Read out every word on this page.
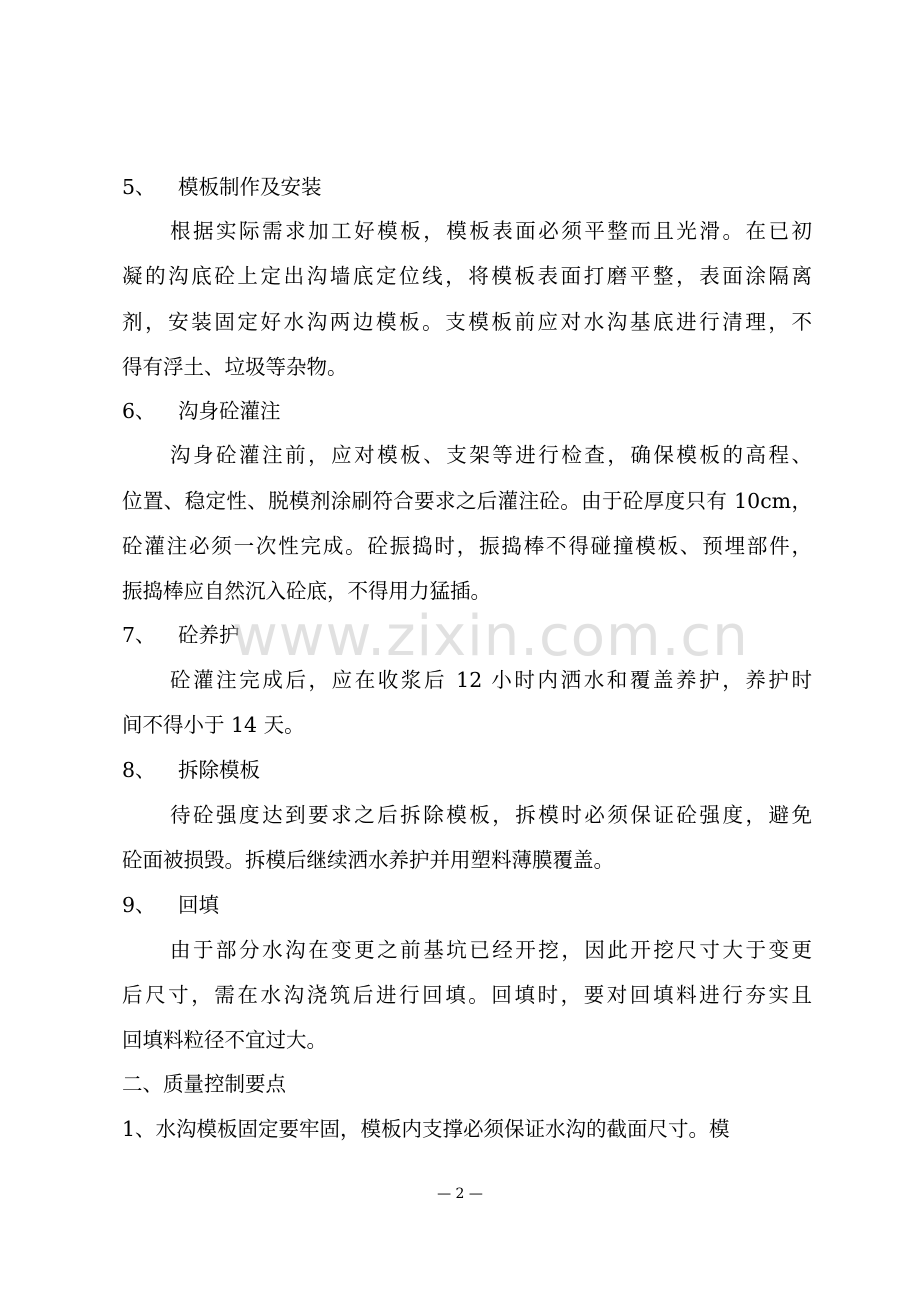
5、 模板制作及安装
根据实际需求加工好模板，模板表面必须平整而且光滑。在已初
凝的沟底砼上定出沟墙底定位线，将模板表面打磨平整，表面涂隔离
剂，安装固定好水沟两边模板。支模板前应对水沟基底进行清理，不
得有浮土、垃圾等杂物。
6、 沟身砼灌注
沟身砼灌注前，应对模板、支架等进行检查，确保模板的高程、
位置、稳定性、脱模剂涂刷符合要求之后灌注砼。由于砼厚度只有 10cm，
砼灌注必须一次性完成。砼振捣时，振捣棒不得碰撞模板、预埋部件，
振捣棒应自然沉入砼底，不得用力猛插。
7、 砼养护
砼灌注完成后，应在收浆后 12 小时内洒水和覆盖养护，养护时
间不得小于 14 天。
8、 拆除模板
待砼强度达到要求之后拆除模板，拆模时必须保证砼强度，避免
砼面被损毁。拆模后继续洒水养护并用塑料薄膜覆盖。
9、 回填
由于部分水沟在变更之前基坑已经开挖，因此开挖尺寸大于变更
后尺寸，需在水沟浇筑后进行回填。回填时，要对回填料进行夯实且
回填料粒径不宜过大。
二、质量控制要点
1、水沟模板固定要牢固，模板内支撑必须保证水沟的截面尺寸。模
www.zixin.com.cn
— 2 —
